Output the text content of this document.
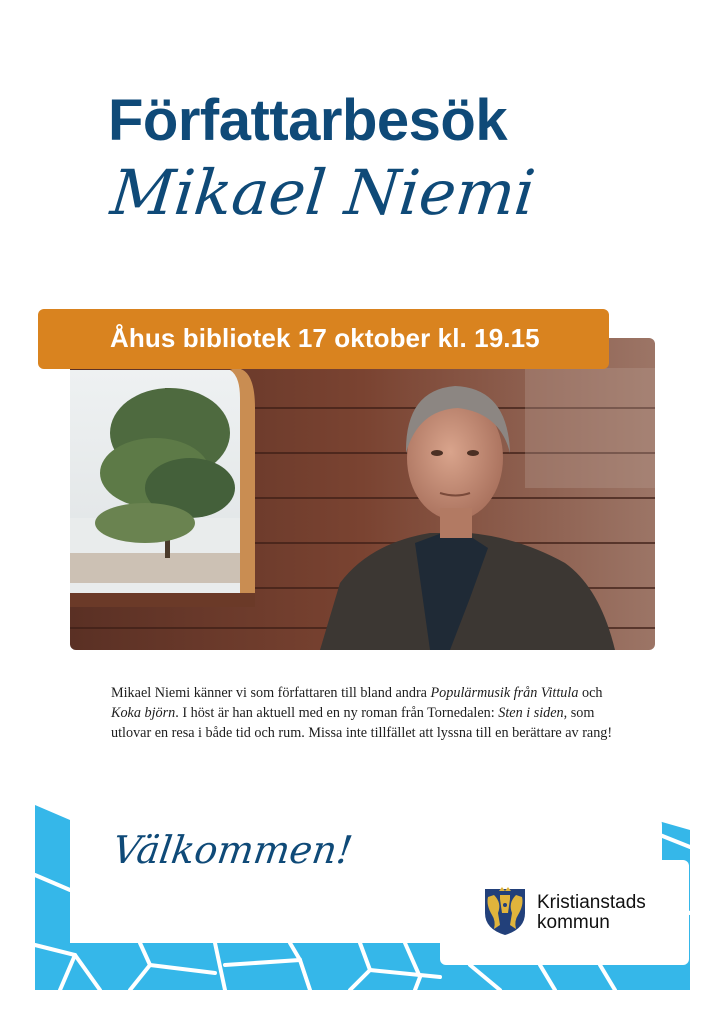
Författarbesök
Mikael Niemi
Åhus bibliotek 17 oktober kl. 19.15

Mikael Niemi känner vi som författaren till bland andra Populärmusik från Vittula och Koka björn. I höst är han aktuell med en ny roman från Tornedalen: Sten i siden, som utlovar en resa i både tid och rum. Missa inte tillfället att lyssna till en berättare av rang!

Välkommen!
Kristianstads
kommun
